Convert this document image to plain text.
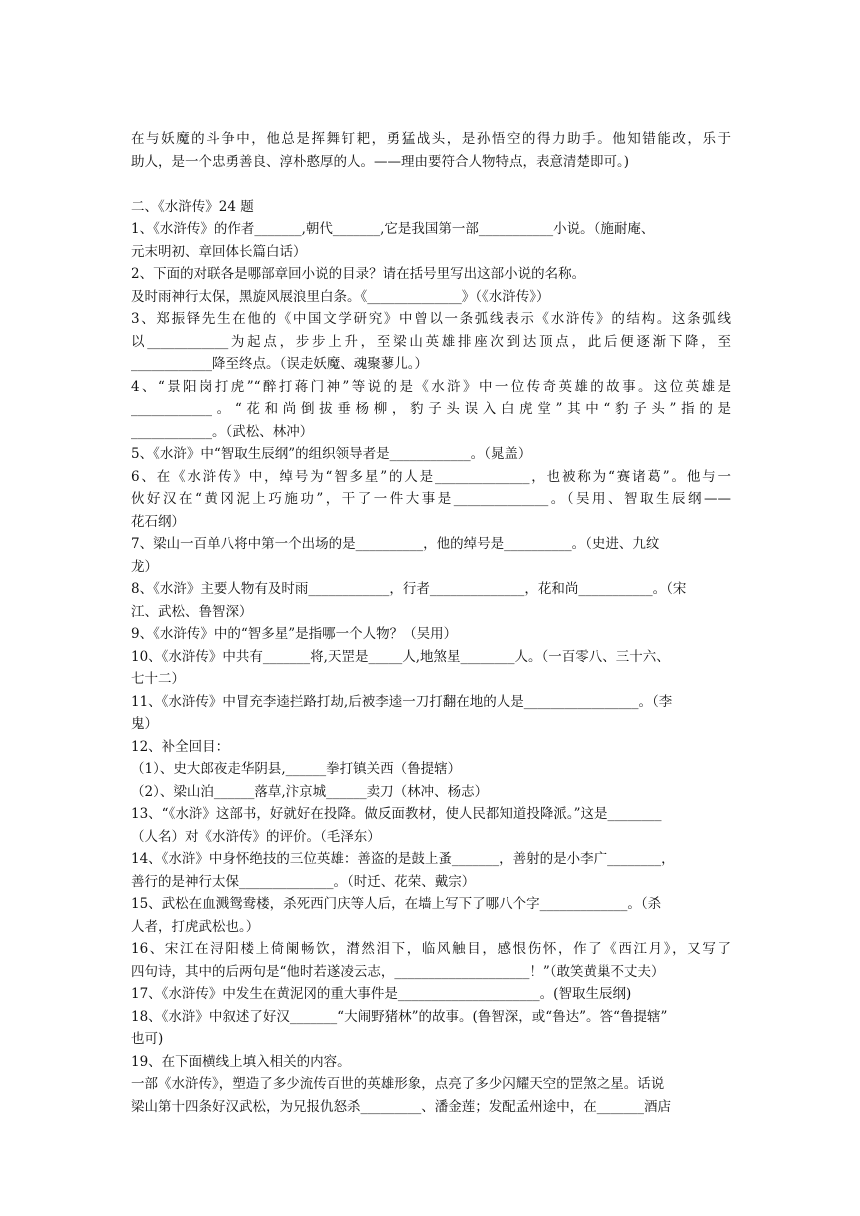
在与妖魔的斗争中，他总是挥舞钉耙，勇猛战头，是孙悟空的得力助手。他知错能改，乐于
助人，是一个忠勇善良、淳朴憨厚的人。——理由要符合人物特点，表意清楚即可。)
二、《水浒传》24 题
1、《水浒传》的作者_______,朝代_______,它是我国第一部___________小说。（施耐庵、
元末明初、章回体长篇白话）
2、下面的对联各是哪部章回小说的目录？请在括号里写出这部小说的名称。
及时雨神行太保，黑旋风展浪里白条。《______________》（《水浒传》）
3、郑振铎先生在他的《中国文学研究》中曾以一条弧线表示《水浒传》的结构。这条弧线
以____________为起点，步步上升，至梁山英雄排座次到达顶点，此后便逐渐下降，至
____________降至终点。（误走妖魔、魂聚蓼儿。）
4、“景阳岗打虎”“醉打蒋门神”等说的是《水浒》中一位传奇英雄的故事。这位英雄是
____________。“花和尚倒拔垂杨柳，豹子头误入白虎堂”其中“豹子头”指的是
____________。（武松、林冲）
5、《水浒》中“智取生辰纲”的组织领导者是____________。（晁盖）
6、在《水浒传》中，绰号为“智多星”的人是______________，也被称为“赛诸葛”。他与一
伙好汉在“黄冈泥上巧施功”，干了一件大事是______________。（吴用、智取生辰纲——
花石纲）
7、梁山一百单八将中第一个出场的是__________，他的绰号是__________。（史进、九纹
龙）
8、《水浒》主要人物有及时雨____________，行者______________，花和尚___________。（宋
江、武松、鲁智深）
9、《水浒传》中的“智多星”是指哪一个人物？（吴用）
10、《水浒传》中共有_______将,天罡是_____人,地煞星________人。（一百零八、三十六、
七十二）
11、《水浒传》中冒充李逵拦路打劫,后被李逵一刀打翻在地的人是_________________。（李
鬼）
12、补全回目：
（1）、史大郎夜走华阴县,______拳打镇关西（鲁提辖）
（2）、梁山泊______落草,汴京城______卖刀（林冲、杨志）
13、“《水浒》这部书，好就好在投降。做反面教材，使人民都知道投降派。”这是________
（人名）对《水浒传》的评价。（毛泽东）
14、《水浒》中身怀绝技的三位英雄：善盗的是鼓上蚤_______，善射的是小李广________，
善行的是神行太保______________。（时迁、花荣、戴宗）
15、武松在血溅鸳鸯楼，杀死西门庆等人后，在墙上写下了哪八个字_____________。（杀
人者，打虎武松也。）
16、宋江在浔阳楼上倚阑畅饮，潸然泪下，临风触目，感恨伤怀，作了《西江月》，又写了
四句诗，其中的后两句是“他时若遂凌云志，____________________！”（敢笑黄巢不丈夫）
17、《水浒传》中发生在黄泥冈的重大事件是_____________________。(智取生辰纲)
18、《水浒》中叙述了好汉_______“大闹野猪林”的故事。(鲁智深，或“鲁达”。答“鲁提辖”
也可)
19、在下面横线上填入相关的内容。
一部《水浒传》，塑造了多少流传百世的英雄形象，点亮了多少闪耀天空的罡煞之星。话说
梁山第十四条好汉武松，为兄报仇怒杀_________、潘金莲；发配孟州途中，在_______酒店
